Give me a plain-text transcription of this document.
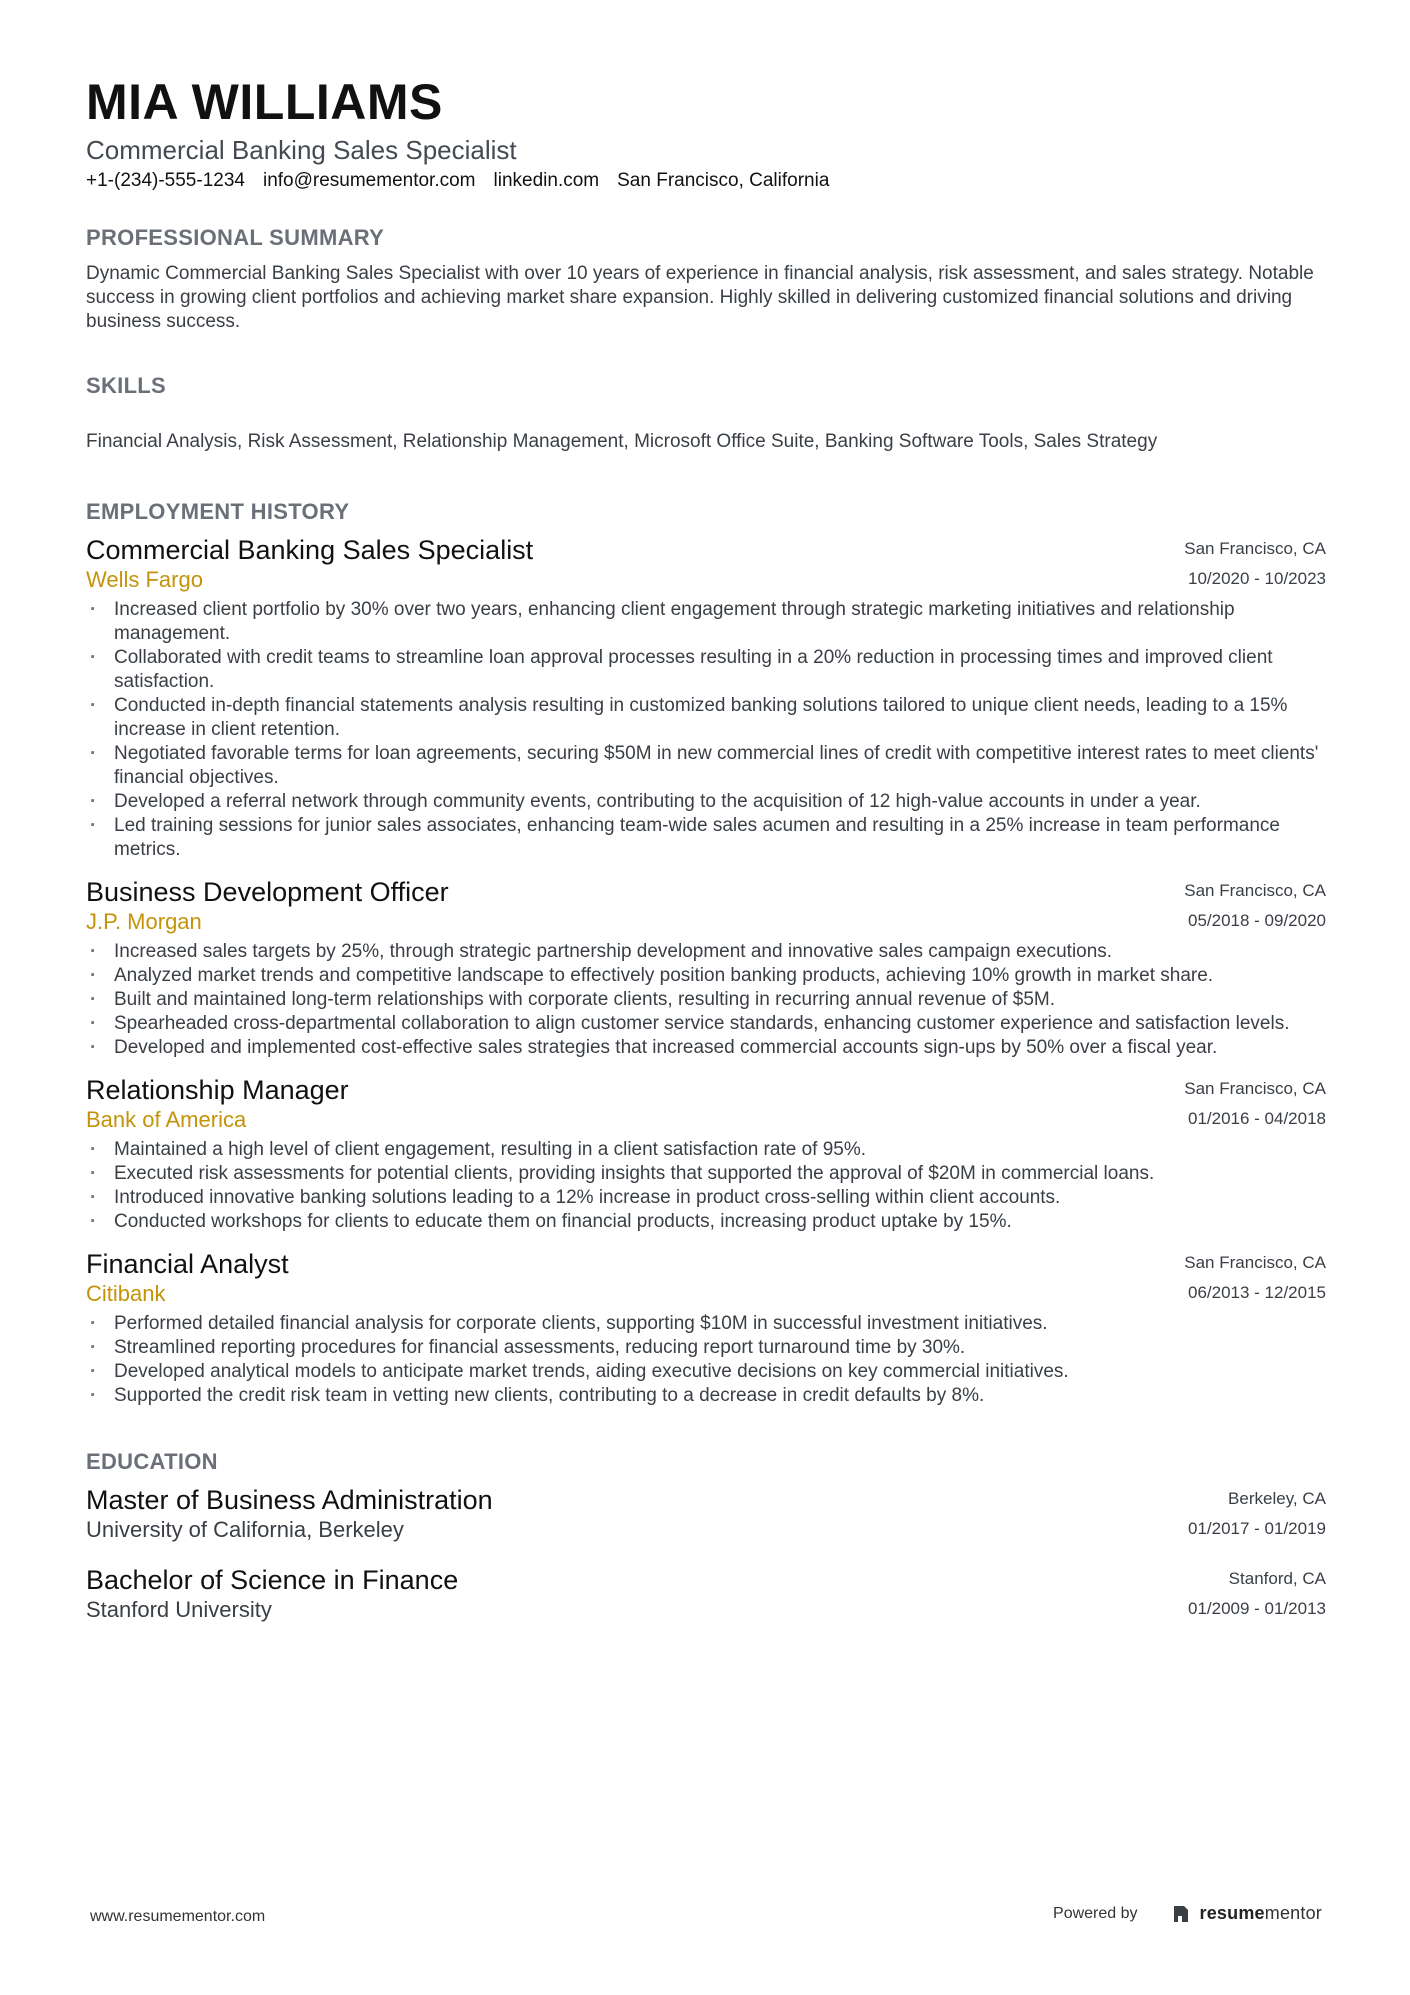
MIA WILLIAMS
Commercial Banking Sales Specialist
+1-(234)-555-1234 info@resumementor.com linkedin.com San Francisco, California
PROFESSIONAL SUMMARY
Dynamic Commercial Banking Sales Specialist with over 10 years of experience in financial analysis, risk assessment, and sales strategy. Notable success in growing client portfolios and achieving market share expansion. Highly skilled in delivering customized financial solutions and driving business success.
SKILLS
Financial Analysis, Risk Assessment, Relationship Management, Microsoft Office Suite, Banking Software Tools, Sales Strategy
EMPLOYMENT HISTORY
Commercial Banking Sales Specialist
Wells Fargo
San Francisco, CA
10/2020 - 10/2023
· Increased client portfolio by 30% over two years, enhancing client engagement through strategic marketing initiatives and relationship management.
· Collaborated with credit teams to streamline loan approval processes resulting in a 20% reduction in processing times and improved client satisfaction.
· Conducted in-depth financial statements analysis resulting in customized banking solutions tailored to unique client needs, leading to a 15% increase in client retention.
· Negotiated favorable terms for loan agreements, securing $50M in new commercial lines of credit with competitive interest rates to meet clients' financial objectives.
· Developed a referral network through community events, contributing to the acquisition of 12 high-value accounts in under a year.
· Led training sessions for junior sales associates, enhancing team-wide sales acumen and resulting in a 25% increase in team performance metrics.
Business Development Officer
J.P. Morgan
San Francisco, CA
05/2018 - 09/2020
· Increased sales targets by 25%, through strategic partnership development and innovative sales campaign executions.
· Analyzed market trends and competitive landscape to effectively position banking products, achieving 10% growth in market share.
· Built and maintained long-term relationships with corporate clients, resulting in recurring annual revenue of $5M.
· Spearheaded cross-departmental collaboration to align customer service standards, enhancing customer experience and satisfaction levels.
· Developed and implemented cost-effective sales strategies that increased commercial accounts sign-ups by 50% over a fiscal year.
Relationship Manager
Bank of America
San Francisco, CA
01/2016 - 04/2018
· Maintained a high level of client engagement, resulting in a client satisfaction rate of 95%.
· Executed risk assessments for potential clients, providing insights that supported the approval of $20M in commercial loans.
· Introduced innovative banking solutions leading to a 12% increase in product cross-selling within client accounts.
· Conducted workshops for clients to educate them on financial products, increasing product uptake by 15%.
Financial Analyst
Citibank
San Francisco, CA
06/2013 - 12/2015
· Performed detailed financial analysis for corporate clients, supporting $10M in successful investment initiatives.
· Streamlined reporting procedures for financial assessments, reducing report turnaround time by 30%.
· Developed analytical models to anticipate market trends, aiding executive decisions on key commercial initiatives.
· Supported the credit risk team in vetting new clients, contributing to a decrease in credit defaults by 8%.
EDUCATION
Master of Business Administration
University of California, Berkeley
Berkeley, CA
01/2017 - 01/2019
Bachelor of Science in Finance
Stanford University
Stanford, CA
01/2009 - 01/2013
www.resumementor.com	Powered by	resumementor
